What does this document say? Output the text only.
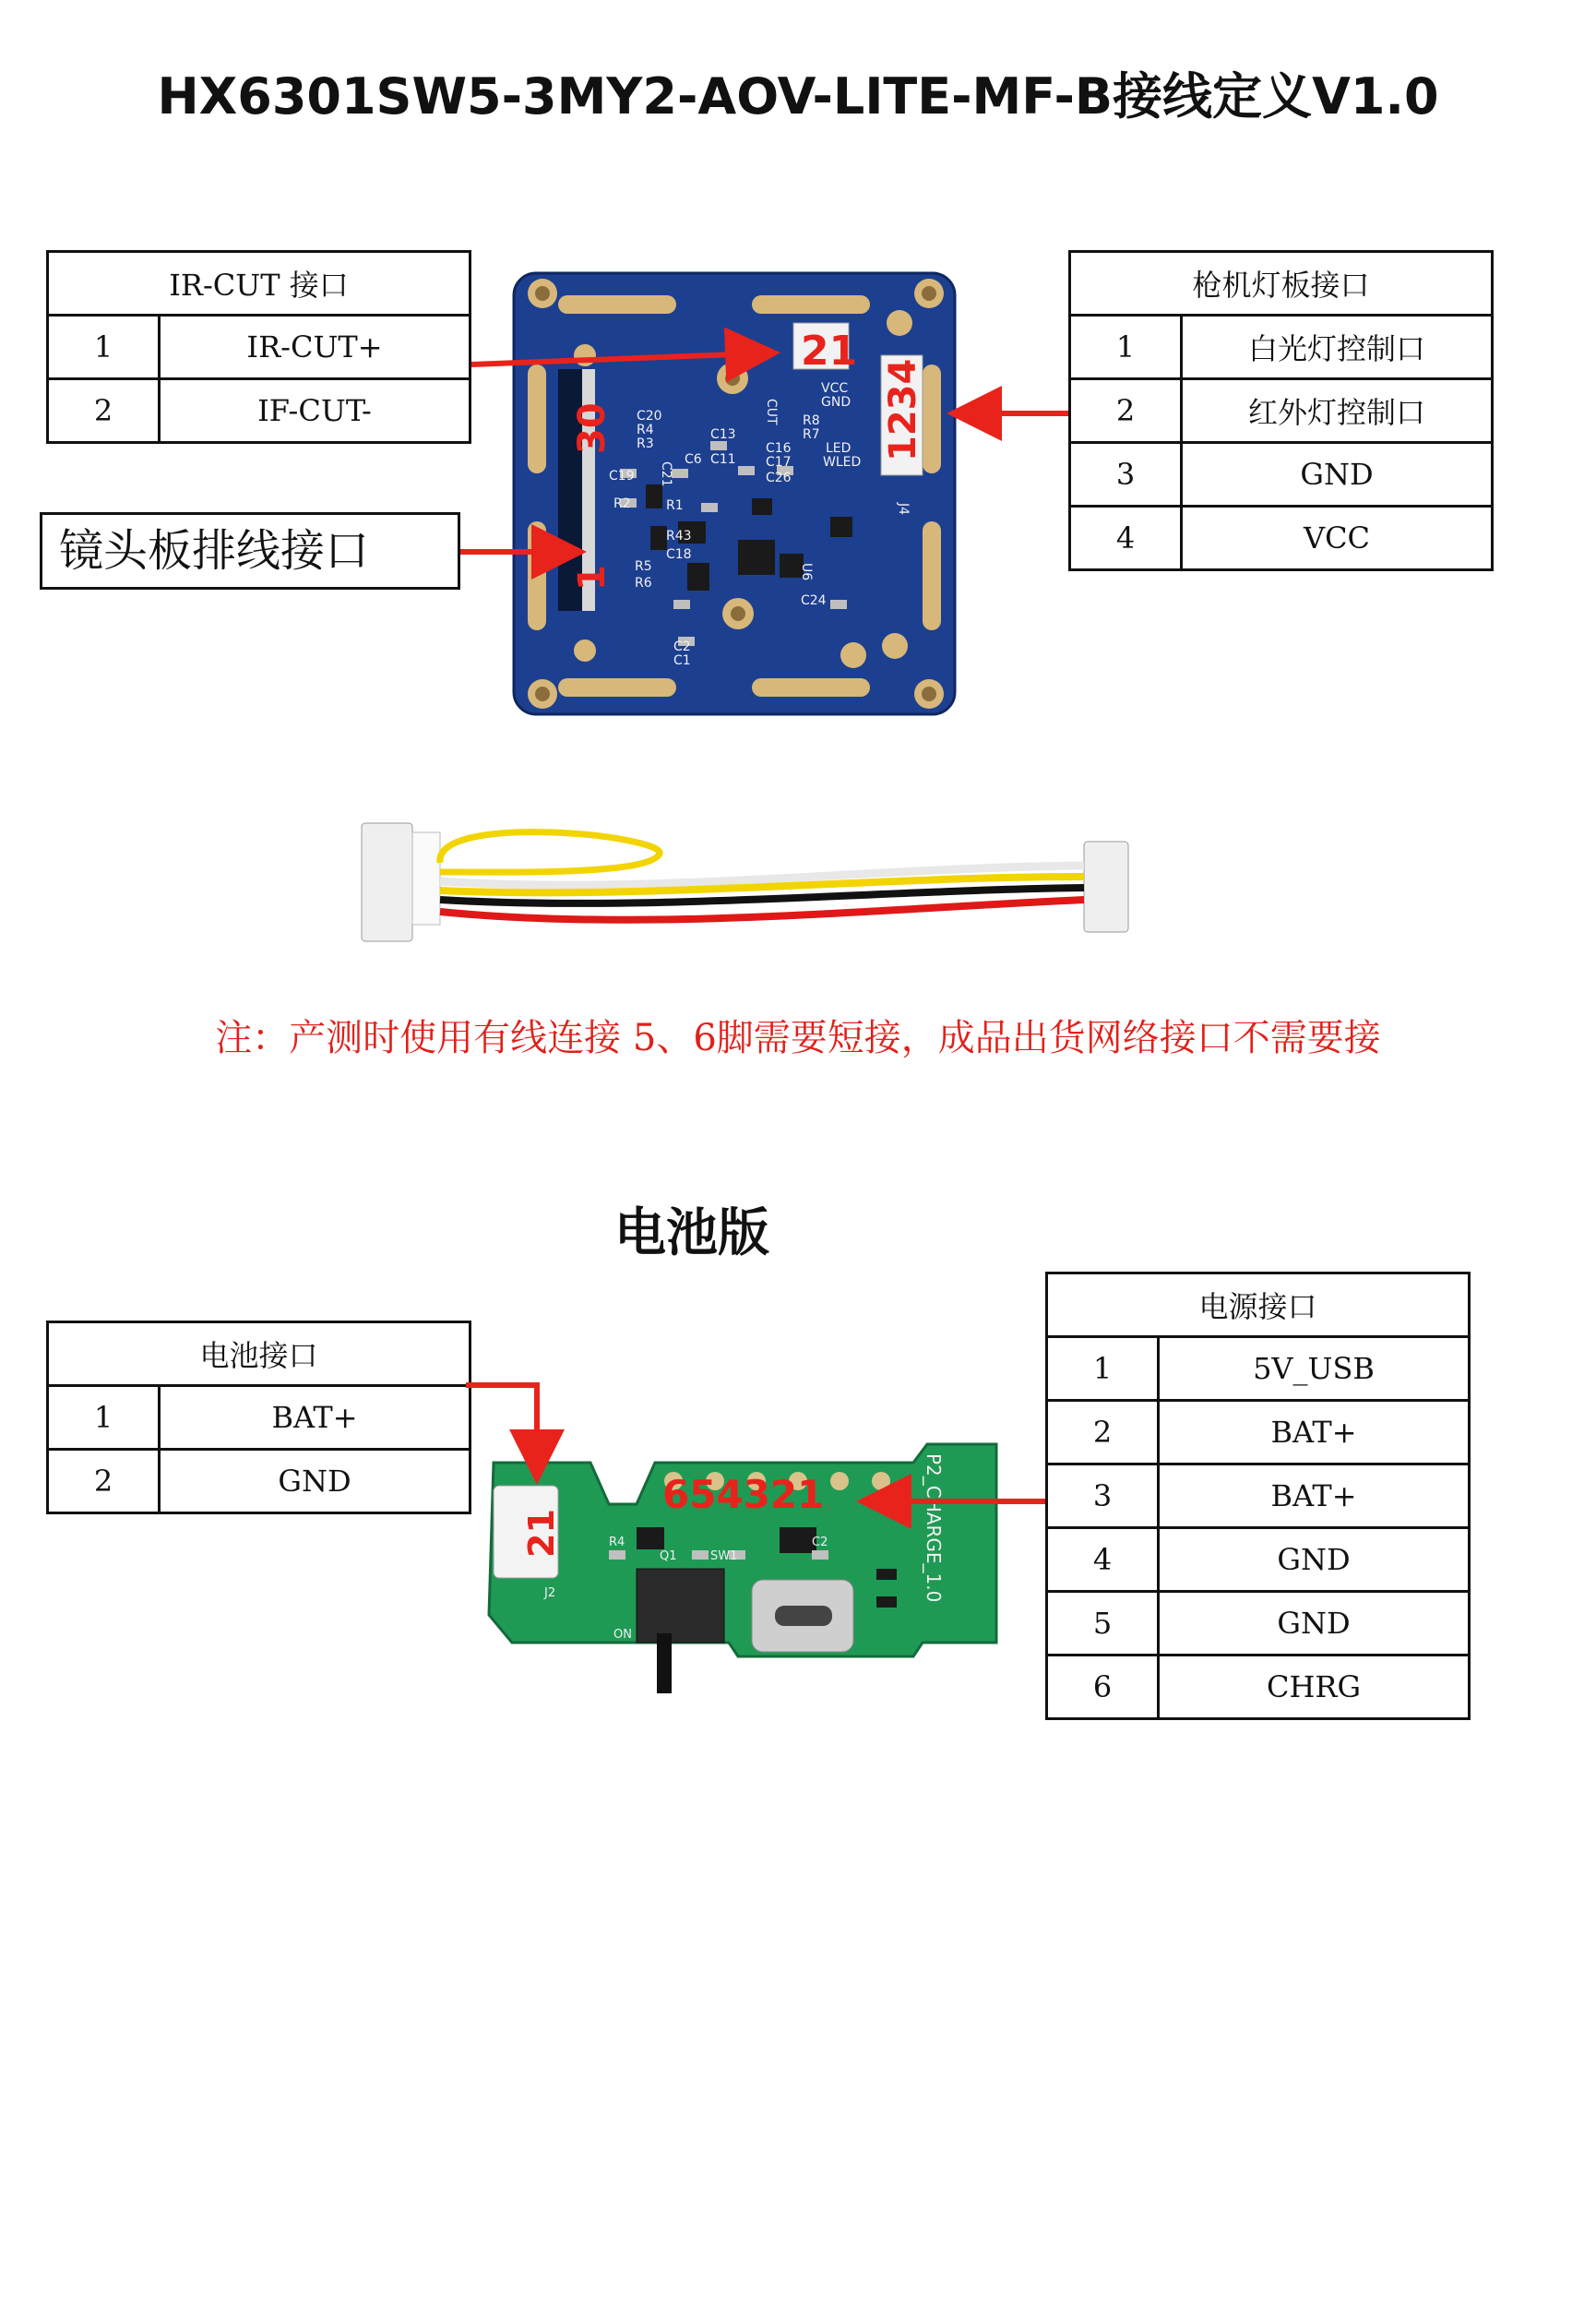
HX6301SW5-3MY2-AOV-LITE-MF-B接线定义V1.0
IR-CUT 接口	
1	IR-CUT+
2	IF-CUT-
枪机灯板接口	
1	白光灯控制口
2	红外灯控制口
3	GND
4	VCC
镜头板排线接口
CUT
VCC
GND
R8
R7
LED
WLED
C20
R4
R3
C19
R2
C13
C16
C6 C11 C17
C26
C21
R1
C18
R43
R5
R6
C2
C1
C24
U6
J4
21
30
1
1234
注：产测时使用有线连接 5、6脚需要短接，成品出货网络接口不需要接
电池版
电池接口	
1	BAT+
2	GND
电源接口	
1	5V_USB
2	BAT+
3	BAT+
4	GND
5	GND
6	CHRG
P2_CHARGE_1.0
J2
Q1	SW1
R4	C2
ON
21
654321
